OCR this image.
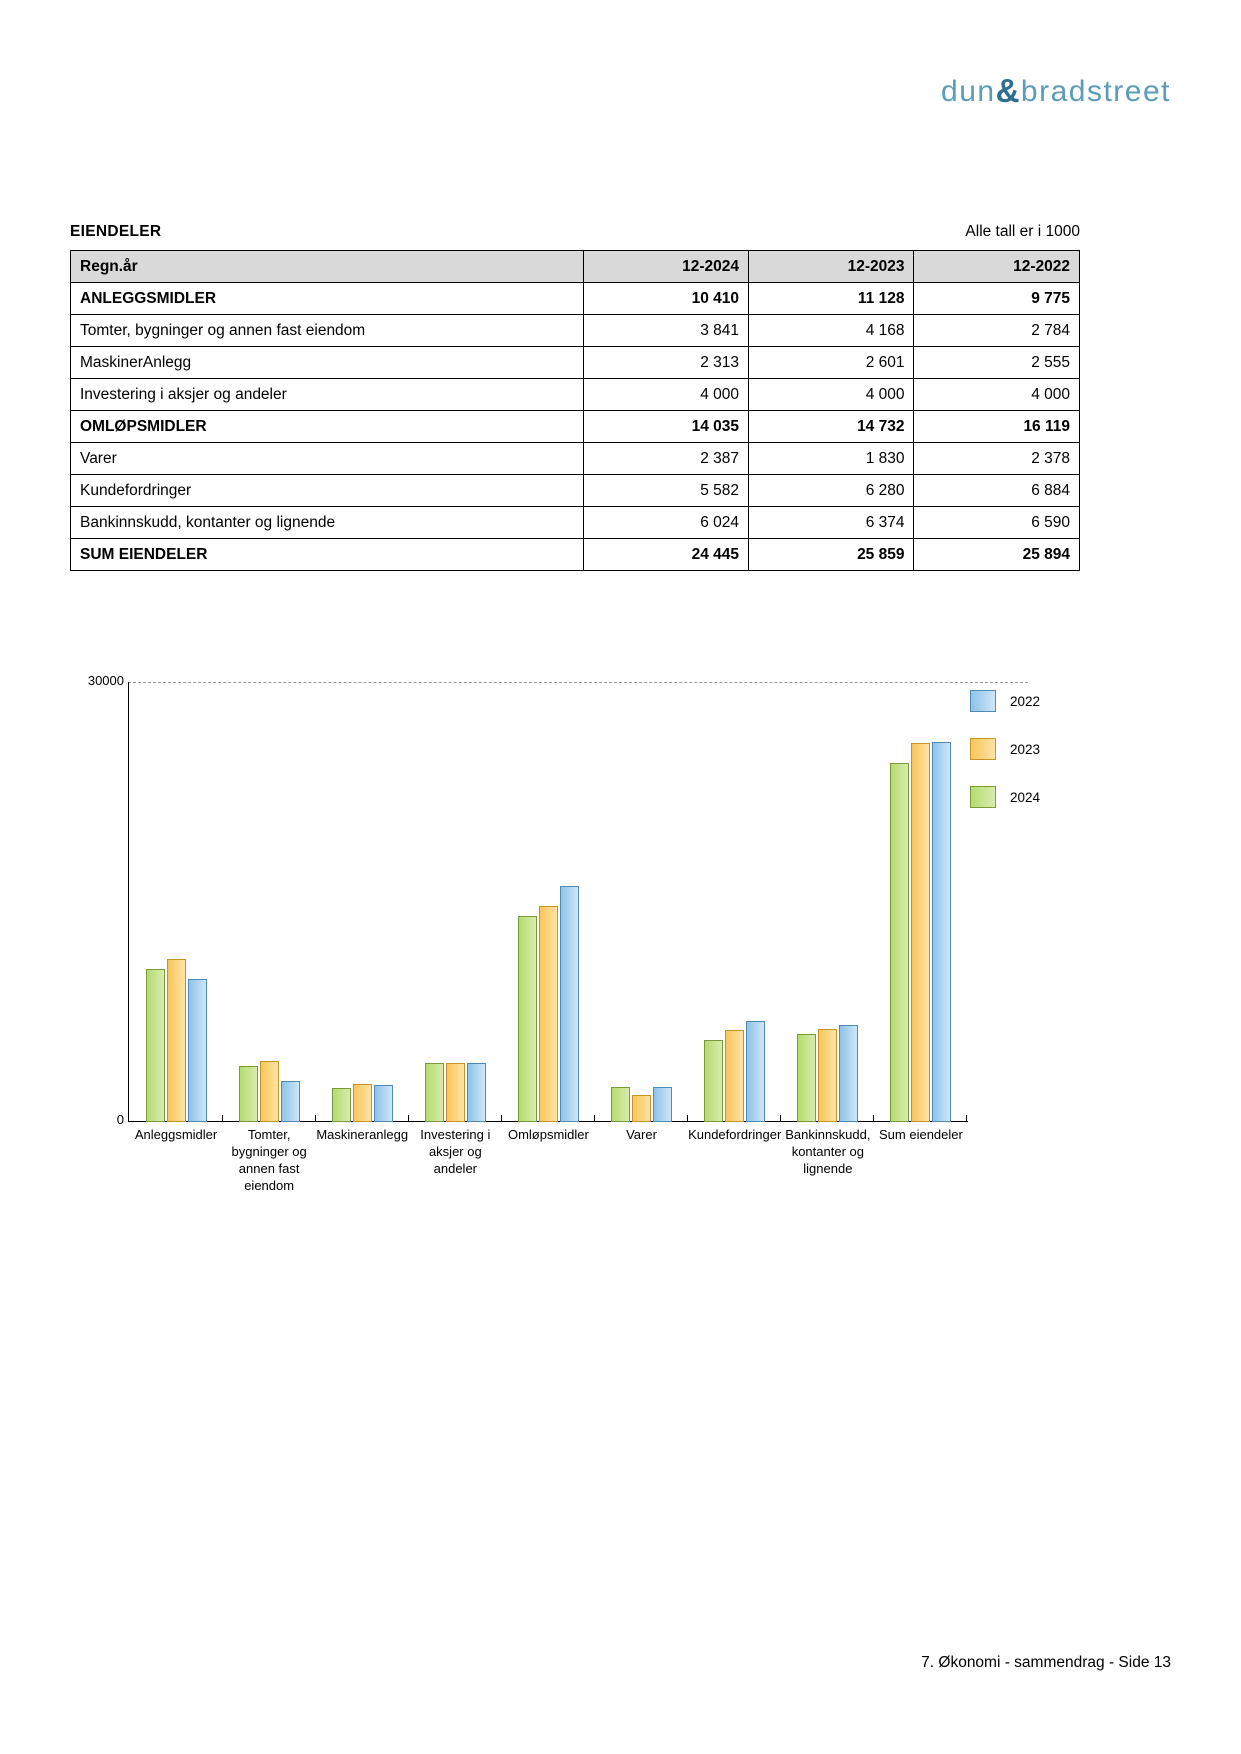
dun&bradstreet
EIENDELER	Alle tall er i 1000
Regn.år	12-2024	12-2023	12-2022
ANLEGGSMIDLER	10 410	11 128	9 775
Tomter, bygninger og annen fast eiendom	3 841	4 168	2 784
MaskinerAnlegg	2 313	2 601	2 555
Investering i aksjer og andeler	4 000	4 000	4 000
OMLØPSMIDLER	14 035	14 732	16 119
Varer	2 387	1 830	2 378
Kundefordringer	5 582	6 280	6 884
Bankinnskudd, kontanter og lignende	6 024	6 374	6 590
SUM EIENDELER	24 445	25 859	25 894
30000
0
Anleggsmidler	Tomter, bygninger og annen fast eiendom
Maskineranlegg Investering i aksjer og andeler
Omløpsmidler	Varer	Kundefordringer Bankinnskudd, kontanter og lignende
Sum eiendeler
2022
2023
2024
7. Økonomi - sammendrag - Side 13
